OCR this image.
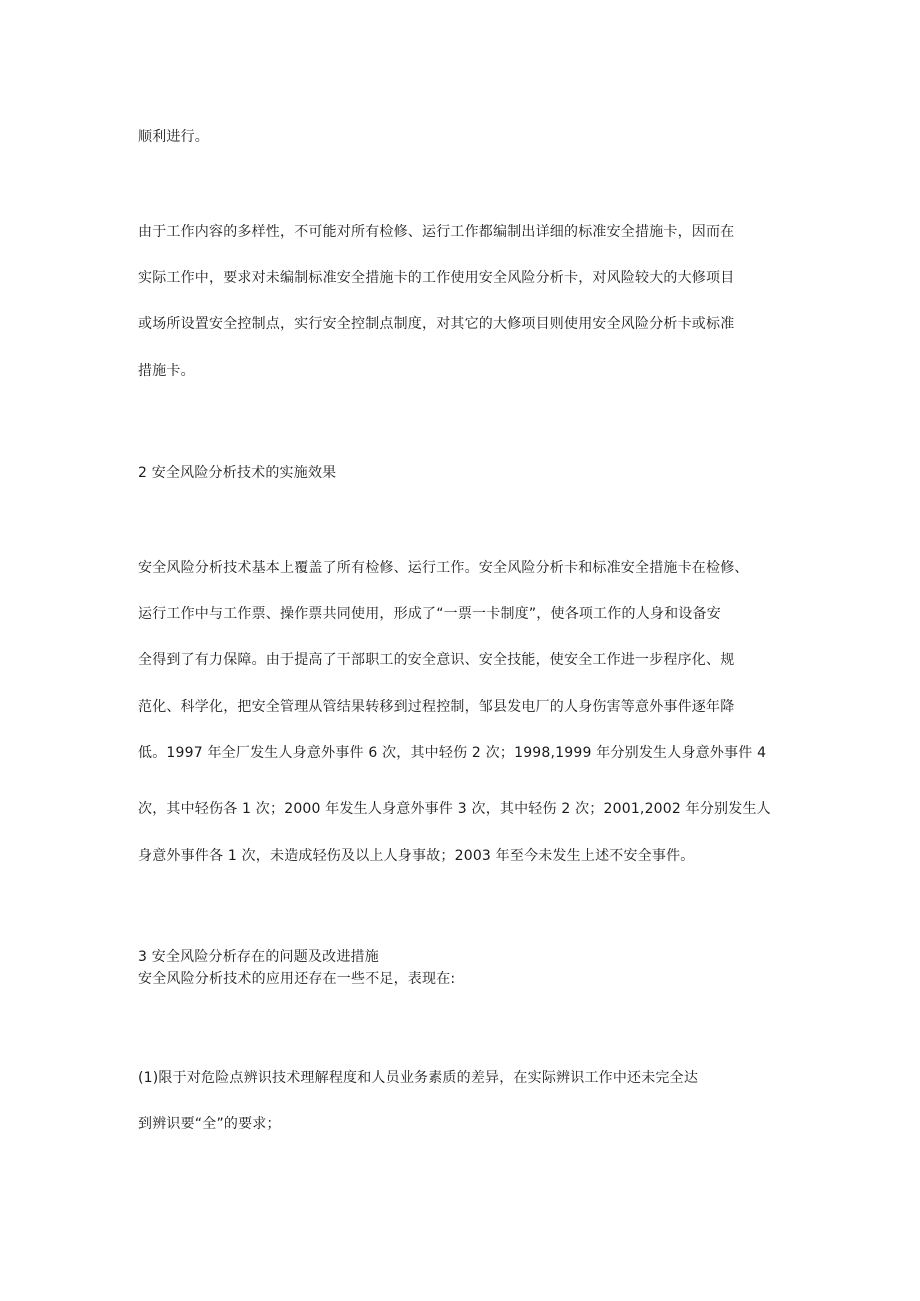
顺利进行。
由于工作内容的多样性，不可能对所有检修、运行工作都编制出详细的标准安全措施卡，因而在
实际工作中，要求对未编制标准安全措施卡的工作使用安全风险分析卡，对风险较大的大修项目
或场所设置安全控制点，实行安全控制点制度，对其它的大修项目则使用安全风险分析卡或标准
措施卡。
2 安全风险分析技术的实施效果
安全风险分析技术基本上覆盖了所有检修、运行工作。安全风险分析卡和标准安全措施卡在检修、
运行工作中与工作票、操作票共同使用，形成了“一票一卡制度”，使各项工作的人身和设备安
全得到了有力保障。由于提高了干部职工的安全意识、安全技能，使安全工作进一步程序化、规
范化、科学化，把安全管理从管结果转移到过程控制，邹县发电厂的人身伤害等意外事件逐年降
低。1997 年全厂发生人身意外事件 6 次，其中轻伤 2 次；1998,1999 年分别发生人身意外事件 4
次，其中轻伤各 1 次；2000 年发生人身意外事件 3 次，其中轻伤 2 次；2001,2002 年分别发生人
身意外事件各 1 次，未造成轻伤及以上人身事故；2003 年至今未发生上述不安全事件。
3 安全风险分析存在的问题及改进措施
安全风险分析技术的应用还存在一些不足，表现在:
(1)限于对危险点辨识技术理解程度和人员业务素质的差异，在实际辨识工作中还未完全达
到辨识要“全”的要求；
